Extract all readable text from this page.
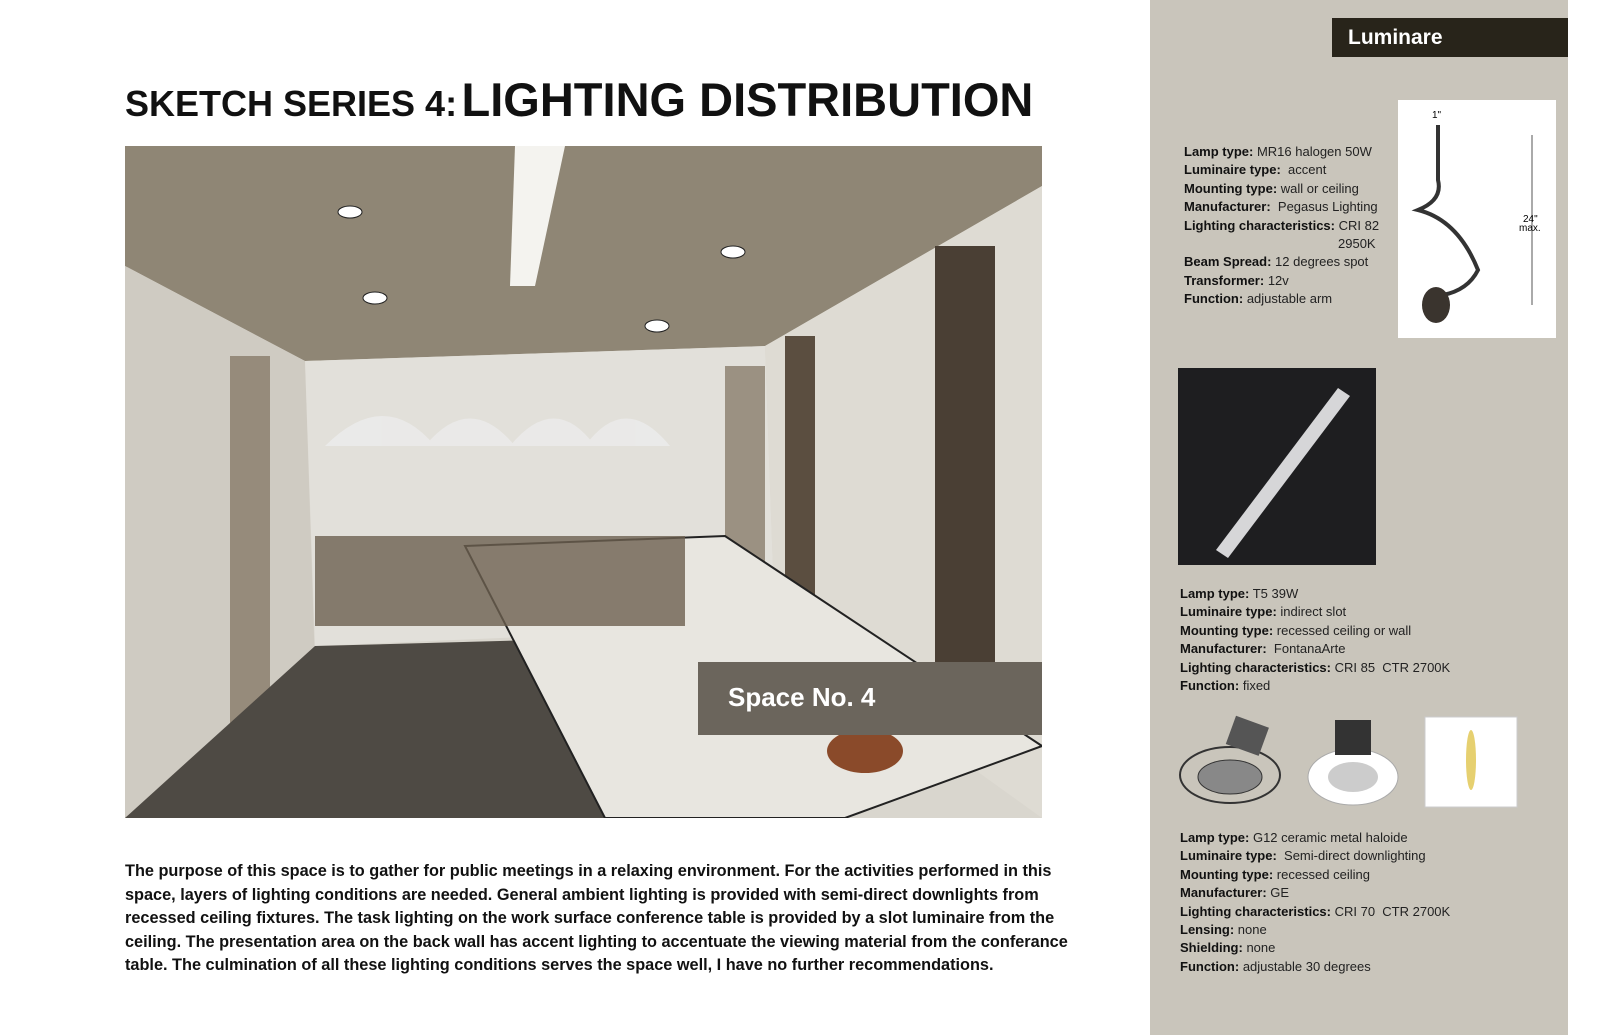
SKETCH SERIES 4: LIGHTING DISTRIBUTION
Space No. 4
The purpose of this space is to gather for public meetings in a relaxing environment. For the activities performed in this space, layers of lighting conditions are needed. General ambient lighting is provided with semi-direct downlights from recessed ceiling fixtures. The task lighting on the work surface conference table is provided by a slot luminaire from the ceiling. The presentation area on the back wall has accent lighting to accentuate the viewing material from the conferance table. The culmination of all these lighting conditions serves the space well, I have no further recommendations.
Luminare
Lamp type: MR16 halogen 50W
Luminaire type:  accent
Mounting type: wall or ceiling
Manufacturer:  Pegasus Lighting
Lighting characteristics: CRI 82
2950K
Beam Spread: 12 degrees spot
Transformer: 12v
Function: adjustable arm
Lamp type: T5 39W
Luminaire type: indirect slot
Mounting type: recessed ceiling or wall
Manufacturer:  FontanaArte
Lighting characteristics: CRI 85  CTR 2700K
Function: fixed
Lamp type: G12 ceramic metal haloide
Luminaire type:  Semi-direct downlighting
Mounting type: recessed ceiling
Manufacturer: GE
Lighting characteristics: CRI 70  CTR 2700K
Lensing: none
Shielding: none
Function: adjustable 30 degrees
1"
24"
max.
